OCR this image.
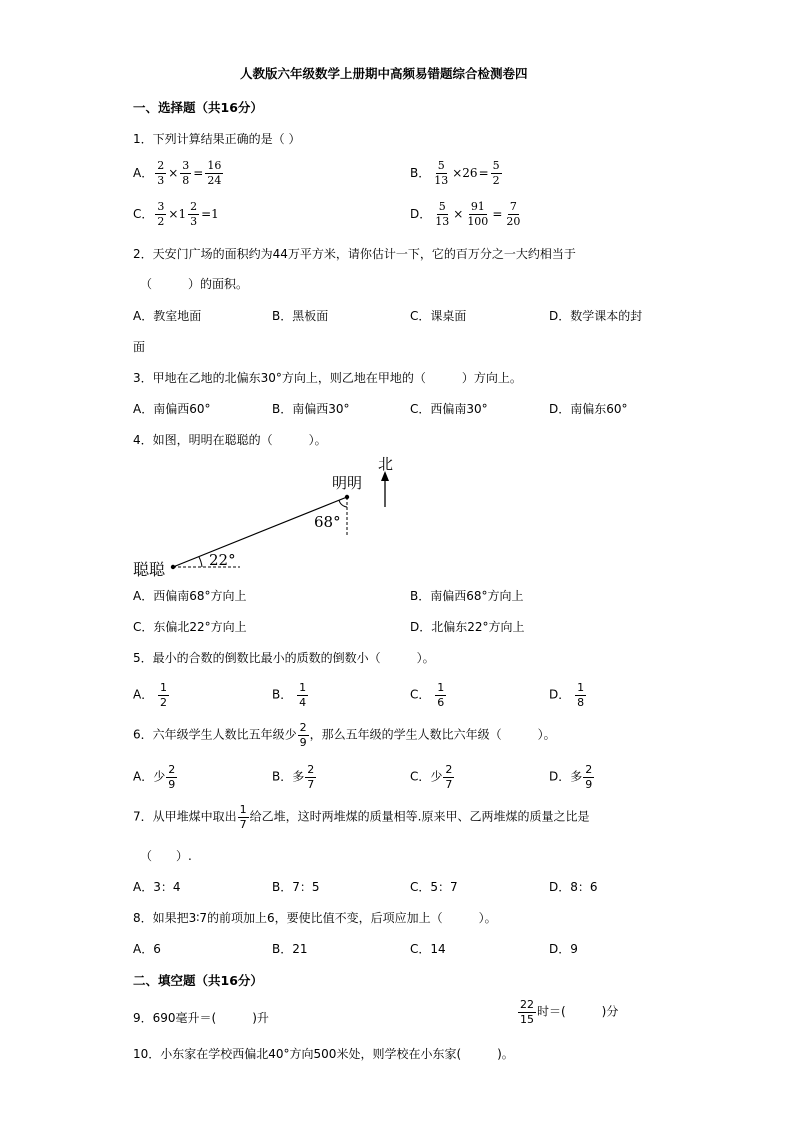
人教版六年级数学上册期中高频易错题综合检测卷四
一、选择题（共16分）
1．下列计算结果正确的是（ ）
A． $\frac{2}{3} \times \frac{3}{8} = \frac{16}{24}$	B． $\frac{5}{13} \times 26 = \frac{5}{2}$
C． $\frac{3}{2} \times 1 \frac{2}{3} =1$	D． $\frac{5}{13} \times \frac{91}{100} = \frac{7}{20}$
2．天安门广场的面积约为44万平方米，请你估计一下，它的百万分之一大约相当于
（　　　）的面积。
A．教室地面	B．黑板面	C．课桌面	D．数学课本的封
面
3．甲地在乙地的北偏东30°方向上，则乙地在甲地的（　　　）方向上。
A．南偏西60°	B．南偏西30°	C．西偏南30°	D．南偏东60°
4．如图，明明在聪聪的（　　　）。
北
明明
68°
22°
聪聪
A．西偏南68°方向上	B．南偏西68°方向上
C．东偏北22°方向上	D．北偏东22°方向上
5．最小的合数的倒数比最小的质数的倒数小（　　　）。
A． $\frac{1}{2}$	B． $\frac{1}{4}$	C． $\frac{1}{6}$	D． $\frac{1}{8}$
6．六年级学生人数比五年级少 $\frac{2}{9}$ ，那么五年级的学生人数比六年级（　　　）。
A．少 $\frac{2}{9}$	B．多 $\frac{2}{7}$	C．少 $\frac{2}{7}$	D．多 $\frac{2}{9}$
7．从甲堆煤中取出 $\frac{1}{7}$ 给乙堆，这时两堆煤的质量相等.原来甲、乙两堆煤的质量之比是
（　　）.
A．3：4	B．7：5	C．5：7	D．8：6
8．如果把3∶7的前项加上6，要使比值不变，后项应加上（　　　）。
A．6	B．21	C．14	D．9
二、填空题（共16分）
9．690毫升＝(　　　)升	$\frac{22}{15}$ 时＝(　　　)分
10．小东家在学校西偏北40°方向500米处，则学校在小东家(　　　)。
